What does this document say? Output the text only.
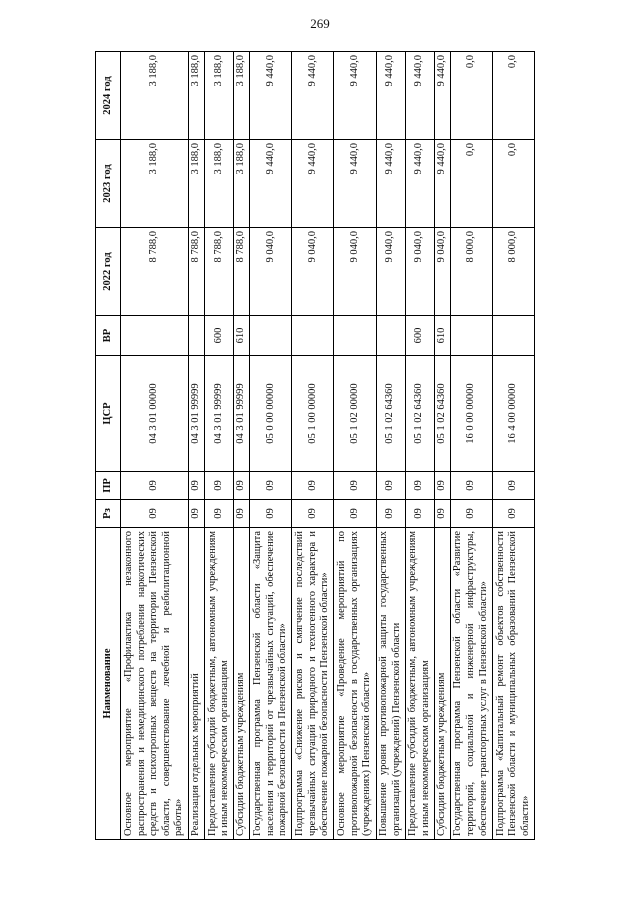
269
Наименование	Рз	ПР	ЦСР	ВР	2022 год	2023 год	2024 год
Основное мероприятие «Профилактика незаконного распространения и немедицинского потребления наркотических средств и психотропных веществ на территории Пензенской области, совершенствование лечебной и реабилитационной работы»	09	09	04 3 01 00000		8 788,0	3 188,0	3 188,0
Реализация отдельных мероприятий	09	09	04 3 01 99999		8 788,0	3 188,0	3 188,0
Предоставление субсидий бюджетным, автономным учреждениям и иным некоммерческим организациям	09	09	04 3 01 99999	600	8 788,0	3 188,0	3 188,0
Субсидии бюджетным учреждениям	09	09	04 3 01 99999	610	8 788,0	3 188,0	3 188,0
Государственная программа Пензенской области «Защита населения и территорий от чрезвычайных ситуаций, обеспечение пожарной безопасности в Пензенской области»	09	09	05 0 00 00000		9 040,0	9 440,0	9 440,0
Подпрограмма «Снижение рисков и смягчение последствий чрезвычайных ситуаций природного и техногенного характера и обеспечение пожарной безопасности Пензенской области»	09	09	05 1 00 00000		9 040,0	9 440,0	9 440,0
Основное мероприятие «Проведение мероприятий по противопожарной безопасности в государственных организациях (учреждениях) Пензенской области»	09	09	05 1 02 00000		9 040,0	9 440,0	9 440,0
Повышение уровня противопожарной защиты государственных организаций (учреждений) Пензенской области	09	09	05 1 02 64360		9 040,0	9 440,0	9 440,0
Предоставление субсидий бюджетным, автономным учреждениям и иным некоммерческим организациям	09	09	05 1 02 64360	600	9 040,0	9 440,0	9 440,0
Субсидии бюджетным учреждениям	09	09	05 1 02 64360	610	9 040,0	9 440,0	9 440,0
Государственная программа Пензенской области «Развитие территорий, социальной и инженерной инфраструктуры, обеспечение транспортных услуг в Пензенской области»	09	09	16 0 00 00000		8 000,0	0,0	0,0
Подпрограмма «Капитальный ремонт объектов собственности Пензенской области и муниципальных образований Пензенской области»	09	09	16 4 00 00000		8 000,0	0,0	0,0
